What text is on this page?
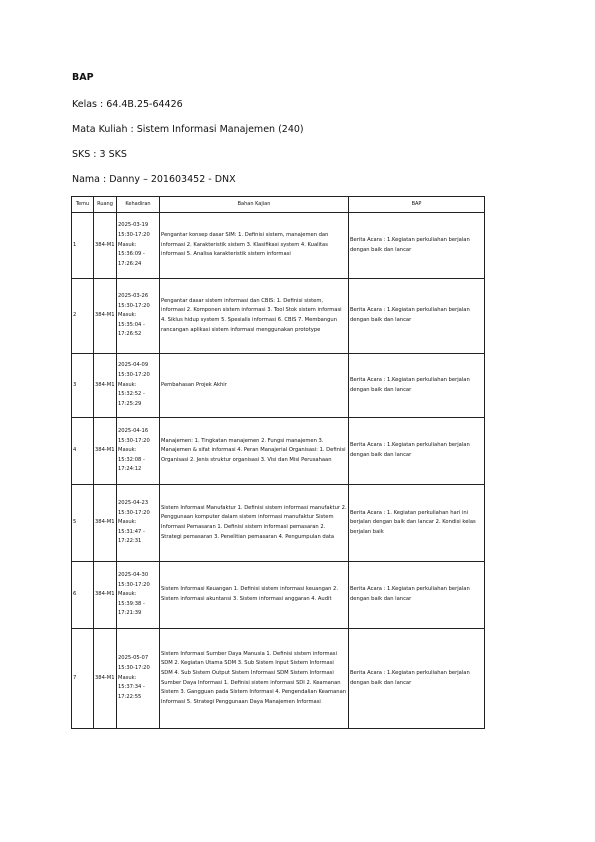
BAP
Kelas : 64.4B.25-64426
Mata Kuliah : Sistem Informasi Manajemen (240)
SKS : 3 SKS
Nama : Danny – 201603452 - DNX
Temu	Ruang	Kehadiran	Bahan Kajian	BAP
1	384-M1	2025-03-19 15:30-17:20 Masuk: 15:36:09 - 17:26:24	Pengantar konsep dasar SIM: 1. Definisi sistem, manajemen dan informasi 2. Karakteristik sistem 3. Klasifikasi system 4. Kualitas informasi 5. Analisa karakteristik sistem informasi	Berita Acara : 1.Kegiatan perkuliahan berjalan dengan baik dan lancar
2	384-M1	2025-03-26 15:30-17:20 Masuk: 15:35:04 - 17:26:52	Pengantar dasar sistem informasi dan CBIS: 1. Definisi sistem, informasi 2. Komponen sistem informasi 3. Tool Stok sistem informasi 4. Siklus hidup system 5. Spesialis informasi 6. CBIS 7. Membangun rancangan aplikasi sistem informasi menggunakan prototype	Berita Acara : 1.Kegiatan perkuliahan berjalan dengan baik dan lancar
3	384-M1	2025-04-09 15:30-17:20 Masuk: 15:32:52 - 17:25:29	Pembahasan Projek Akhir	Berita Acara : 1.Kegiatan perkuliahan berjalan dengan baik dan lancar
4	384-M1	2025-04-16 15:30-17:20 Masuk: 15:32:08 - 17:24:12	Manajemen: 1. Tingkatan manajemen 2. Fungsi manajemen 3. Manajemen & sifat informasi 4. Peran Manajerial Organisasi: 1. Definisi Organisasi 2. Jenis struktur organisasi 3. Visi dan Misi Perusahaan	Berita Acara : 1.Kegiatan perkuliahan berjalan dengan baik dan lancar
5	384-M1	2025-04-23 15:30-17:20 Masuk: 15:31:47 - 17:22:31	Sistem Informasi Manufaktur 1. Definisi sistem informasi manufaktur 2. Penggunaan komputer dalam sistem informasi manufaktur Sistem Informasi Pemasaran 1. Definisi sistem informasi pemasaran 2. Strategi pemasaran 3. Penelitian pemasaran 4. Pengumpulan data	Berita Acara : 1. Kegiatan perkuliahan hari ini berjalan dengan baik dan lancar 2. Kondisi kelas berjalan baik
6	384-M1	2025-04-30 15:30-17:20 Masuk: 15:39:38 - 17:21:39	Sistem Informasi Keuangan 1. Definisi sistem informasi keuangan 2. Sistem informasi akuntansi 3. Sistem informasi anggaran 4. Audit	Berita Acara : 1.Kegiatan perkuliahan berjalan dengan baik dan lancar
7	384-M1	2025-05-07 15:30-17:20 Masuk: 15:37:34 - 17:22:55	Sistem Informasi Sumber Daya Manusia 1. Definisi sistem informasi SDM 2. Kegiatan Utama SDM 3. Sub Sistem Input Sistem Informasi SDM 4. Sub Sistem Output Sistem Informasi SDM Sistem Informasi Sumber Daya Informasi 1. Definisi sistem informasi SDI 2. Keamanan Sistem 3. Gangguan pada Sistem Informasi 4. Pengendalian Keamanan Informasi 5. Strategi Penggunaan Daya Manajemen Informasi	Berita Acara : 1.Kegiatan perkuliahan berjalan dengan baik dan lancar
